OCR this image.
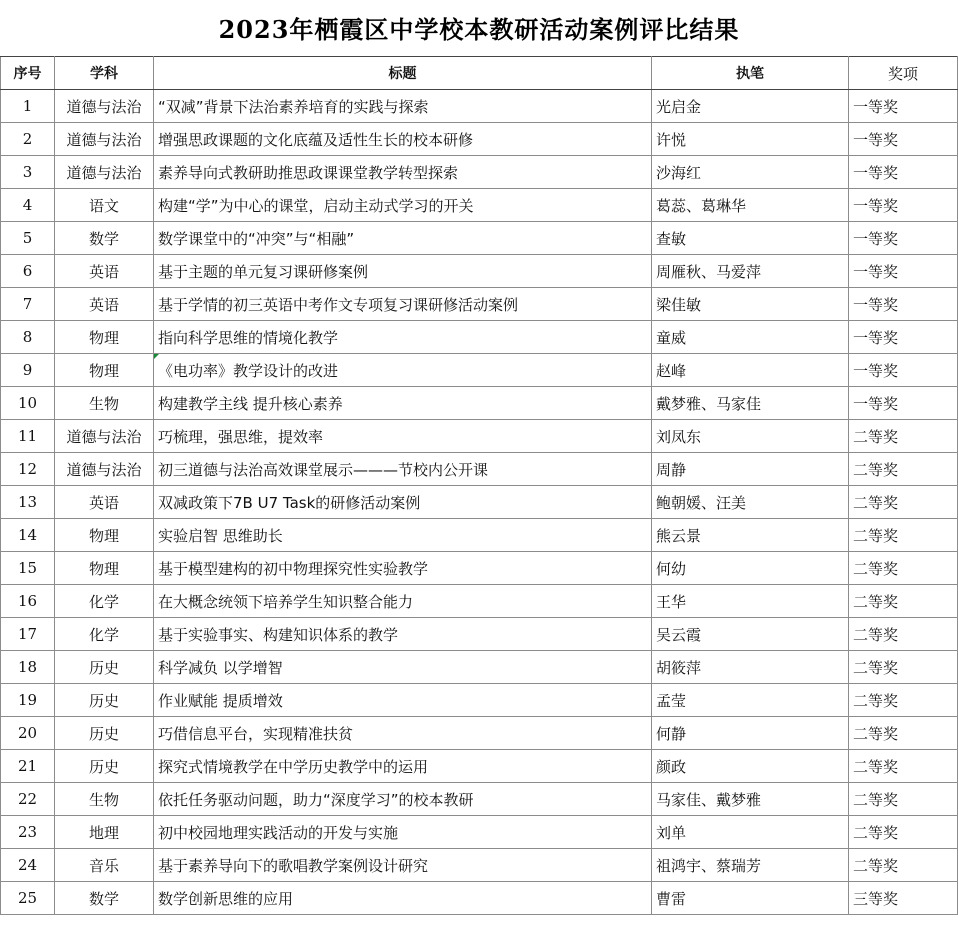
2023年栖霞区中学校本教研活动案例评比结果
序号	学科	标题	执笔	奖项
1	道德与法治	“双减”背景下法治素养培育的实践与探索	光启金	一等奖
2	道德与法治	增强思政课题的文化底蕴及适性生长的校本研修	许悦	一等奖
3	道德与法治	素养导向式教研助推思政课课堂教学转型探索	沙海红	一等奖
4	语文	构建“学”为中心的课堂，启动主动式学习的开关	葛蕊、葛琳华	一等奖
5	数学	数学课堂中的“冲突”与“相融”	查敏	一等奖
6	英语	基于主题的单元复习课研修案例	周雁秋、马爱萍	一等奖
7	英语	基于学情的初三英语中考作文专项复习课研修活动案例	梁佳敏	一等奖
8	物理	指向科学思维的情境化教学	童威	一等奖
9	物理	《电功率》教学设计的改进	赵峰	一等奖
10	生物	构建教学主线 提升核心素养	戴梦雅、马家佳	一等奖
11	道德与法治	巧梳理，强思维，提效率	刘凤东	二等奖
12	道德与法治	初三道德与法治高效课堂展示———节校内公开课	周静	二等奖
13	英语	双减政策下7B U7 Task的研修活动案例	鲍朝媛、汪美	二等奖
14	物理	实验启智 思维助长	熊云景	二等奖
15	物理	基于模型建构的初中物理探究性实验教学	何幼	二等奖
16	化学	在大概念统领下培养学生知识整合能力	王华	二等奖
17	化学	基于实验事实、构建知识体系的教学	吴云霞	二等奖
18	历史	科学减负 以学增智	胡筱萍	二等奖
19	历史	作业赋能 提质增效	孟莹	二等奖
20	历史	巧借信息平台，实现精准扶贫	何静	二等奖
21	历史	探究式情境教学在中学历史教学中的运用	颜政	二等奖
22	生物	依托任务驱动问题，助力“深度学习”的校本教研	马家佳、戴梦雅	二等奖
23	地理	初中校园地理实践活动的开发与实施	刘单	二等奖
24	音乐	基于素养导向下的歌唱教学案例设计研究	祖鸿宇、蔡瑞芳	二等奖
25	数学	数学创新思维的应用	曹雷	三等奖
